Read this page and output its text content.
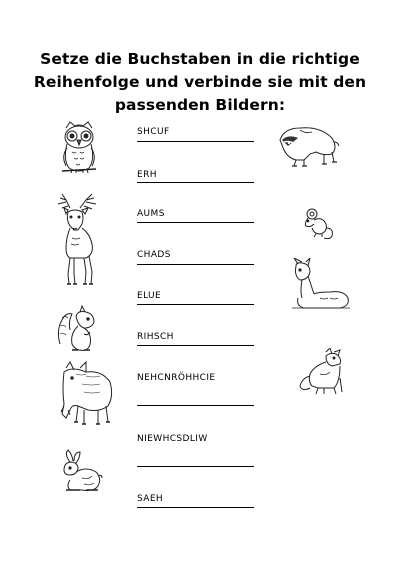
Setze die Buchstaben in die richtige
Reihenfolge und verbinde sie mit den
passenden Bildern:
SHCUF
ERH
AUMS
CHADS
ELUE
RIHSCH
NEHCNRÖHHCIE
NIEWHCSDLIW
SAEH
